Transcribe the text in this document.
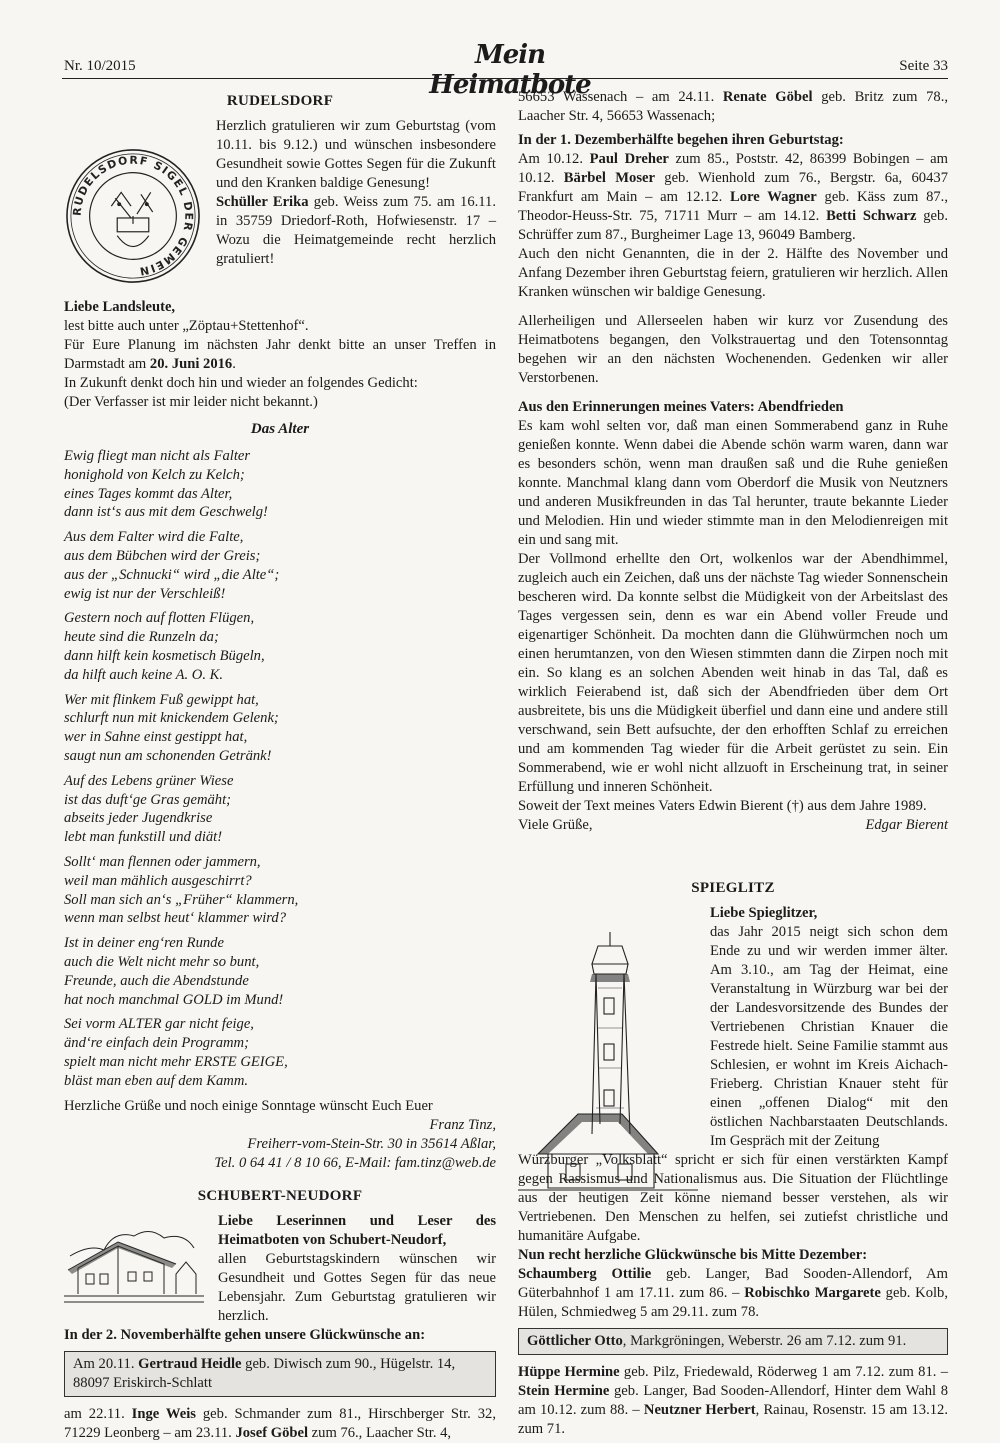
Nr. 10/2015	Mein Heimatbote
Seite 33
RUDELSDORF
RUDELSDORF SIGEL DER GEMEIN

Herzlich gratulieren wir zum Geburtstag (vom 10.11. bis 9.12.) und wünschen insbesondere Gesundheit sowie Gottes Segen für die Zukunft und den Kranken baldige Genesung!

Schüller Erika geb. Weiss zum 75. am 16.11. in 35759 Driedorf-Roth, Hofwiesenstr. 17 – Wozu die Heimatgemeinde recht herzlich gratuliert!

Liebe Landsleute,

lest bitte auch unter „Zöptau+Stettenhof“.

Für Eure Planung im nächsten Jahr denkt bitte an unser Treffen in Darmstadt am 20. Juni 2016.

In Zukunft denkt doch hin und wieder an folgendes Gedicht:

(Der Verfasser ist mir leider nicht bekannt.)

Das Alter

Ewig fliegt man nicht als Falter

honighold von Kelch zu Kelch;

eines Tages kommt das Alter,

dann ist‘s aus mit dem Geschwelg!

Aus dem Falter wird die Falte,

aus dem Bübchen wird der Greis;

aus der „Schnucki“ wird „die Alte“;

ewig ist nur der Verschleiß!

Gestern noch auf flotten Flügen,

heute sind die Runzeln da;

dann hilft kein kosmetisch Bügeln,

da hilft auch keine A. O. K.

Wer mit flinkem Fuß gewippt hat,

schlurft nun mit knickendem Gelenk;

wer in Sahne einst gestippt hat,

saugt nun am schonenden Getränk!

Auf des Lebens grüner Wiese

ist das duft‘ge Gras gemäht;

abseits jeder Jugendkrise

lebt man funkstill und diät!

Sollt‘ man flennen oder jammern,

weil man mählich ausgeschirrt?

Soll man sich an‘s „Früher“ klammern,

wenn man selbst heut‘ klammer wird?

Ist in deiner eng‘ren Runde

auch die Welt nicht mehr so bunt,

Freunde, auch die Abendstunde

hat noch manchmal GOLD im Mund!

Sei vorm ALTER gar nicht feige,

änd‘re einfach dein Programm;

spielt man nicht mehr ERSTE GEIGE,

bläst man eben auf dem Kamm.

Herzliche Grüße und noch einige Sonntage wünscht Euch Euer

Franz Tinz,

Freiherr-vom-Stein-Str. 30 in 35614 Aßlar,

Tel. 0 64 41 / 8 10 66, E-Mail: fam.tinz@web.de

SCHUBERT-NEUDORF

Liebe Leserinnen und Leser des Heimatboten von Schubert-Neudorf,

allen Geburtstagskindern wünschen wir Gesundheit und Gottes Segen für das neue Lebensjahr. Zum Geburtstag gratulieren wir herzlich.

In der 2. Novemberhälfte gehen unsere Glückwünsche an:

Am 20.11. Gertraud Heidle geb. Diwisch zum 90., Hügelstr. 14, 88097 Eriskirch-Schlatt

am 22.11. Inge Weis geb. Schmander zum 81., Hirschberger Str. 32, 71229 Leonberg – am 23.11. Josef Göbel zum 76., Laacher Str. 4,

56653 Wassenach – am 24.11. Renate Göbel geb. Britz zum 78., Laacher Str. 4, 56653 Wassenach;

In der 1. Dezemberhälfte begehen ihren Geburtstag:

Am 10.12. Paul Dreher zum 85., Poststr. 42, 86399 Bobingen – am 10.12. Bärbel Moser geb. Wienhold zum 76., Bergstr. 6a, 60437 Frankfurt am Main – am 12.12. Lore Wagner geb. Käss zum 87., Theodor-Heuss-Str. 75, 71711 Murr – am 14.12. Betti Schwarz geb. Schrüffer zum 87., Burgheimer Lage 13, 96049 Bamberg.

Auch den nicht Genannten, die in der 2. Hälfte des November und Anfang Dezember ihren Geburtstag feiern, gratulieren wir herzlich. Allen Kranken wünschen wir baldige Genesung.

Allerheiligen und Allerseelen haben wir kurz vor Zusendung des Heimatbotens begangen, den Volkstrauertag und den Totensonntag begehen wir an den nächsten Wochenenden. Gedenken wir aller Verstorbenen.

Aus den Erinnerungen meines Vaters: Abendfrieden

Es kam wohl selten vor, daß man einen Sommerabend ganz in Ruhe genießen konnte. Wenn dabei die Abende schön warm waren, dann war es besonders schön, wenn man draußen saß und die Ruhe genießen konnte. Manchmal klang dann vom Oberdorf die Musik von Neutzners und anderen Musikfreunden in das Tal herunter, traute bekannte Lieder und Melodien. Hin und wieder stimmte man in den Melodienreigen mit ein und sang mit.

Der Vollmond erhellte den Ort, wolkenlos war der Abendhimmel, zugleich auch ein Zeichen, daß uns der nächste Tag wieder Sonnenschein bescheren wird. Da konnte selbst die Müdigkeit von der Arbeitslast des Tages vergessen sein, denn es war ein Abend voller Freude und eigenartiger Schönheit. Da mochten dann die Glühwürmchen noch um einen herumtanzen, von den Wiesen stimmten dann die Zirpen noch mit ein. So klang es an solchen Abenden weit hinab in das Tal, daß es wirklich Feierabend ist, daß sich der Abendfrieden über dem Ort ausbreitete, bis uns die Müdigkeit überfiel und dann eine und andere still verschwand, sein Bett aufsuchte, der den erhofften Schlaf zu erreichen und am kommenden Tag wieder für die Arbeit gerüstet zu sein. Ein Sommerabend, wie er wohl nicht allzuoft in Erscheinung trat, in seiner Erfüllung und inneren Schönheit.

Soweit der Text meines Vaters Edwin Bierent (†) aus dem Jahre 1989.

Viele Grüße,	Edgar Bierent
SPIEGLITZ

Liebe Spieglitzer,

das Jahr 2015 neigt sich schon dem Ende zu und wir werden immer älter. Am 3.10., am Tag der Heimat, eine Veranstaltung in Würzburg war bei der der Landesvorsitzende des Bundes der Vertriebenen Christian Knauer die Festrede hielt. Seine Familie stammt aus Schlesien, er wohnt im Kreis Aichach-Frieberg. Christian Knauer steht für einen „offenen Dialog“ mit den östlichen Nachbarstaaten Deutschlands. Im Gespräch mit der Zeitung

Würzburger „Volksblatt“ spricht er sich für einen verstärkten Kampf gegen Rassismus und Nationalismus aus. Die Situation der Flüchtlinge aus der heutigen Zeit könne niemand besser verstehen, als wir Vertriebenen. Den Menschen zu helfen, sei zutiefst christliche und humanitäre Aufgabe.

Nun recht herzliche Glückwünsche bis Mitte Dezember:

Schaumberg Ottilie geb. Langer, Bad Sooden-Allendorf, Am Güterbahnhof 1 am 17.11. zum 86. – Robischko Margarete geb. Kolb, Hülen, Schmiedweg 5 am 29.11. zum 78.

Göttlicher Otto, Markgröningen, Weberstr. 26 am 7.12. zum 91.

Hüppe Hermine geb. Pilz, Friedewald, Röderweg 1 am 7.12. zum 81. – Stein Hermine geb. Langer, Bad Sooden-Allendorf, Hinter dem Wahl 8 am 10.12. zum 88. – Neutzner Herbert, Rainau, Rosenstr. 15 am 13.12. zum 71.
